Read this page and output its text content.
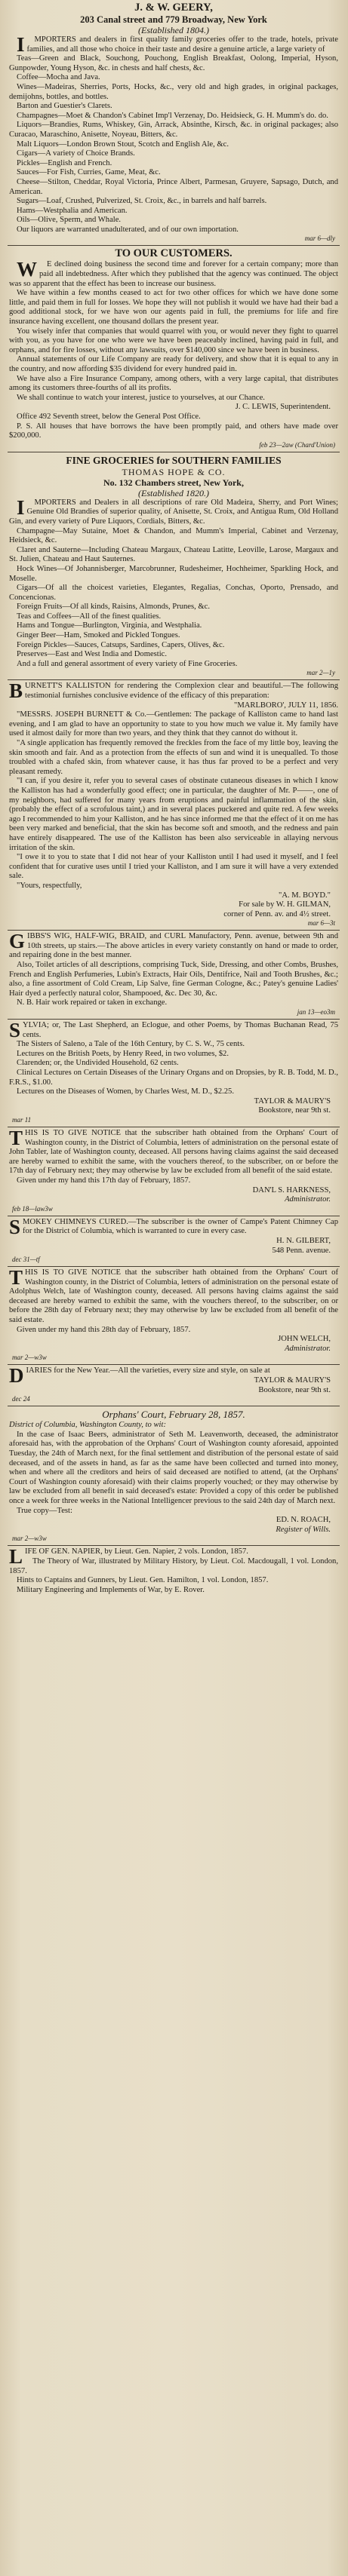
J. & W. GEERY,

203 Canal street and 779 Broadway, New York

(Established 1804.)

IMPORTERS and dealers in first quality family groceries offer to the trade, hotels, private families, and all those who choice in their taste and desire a genuine article, a large variety of

Teas—Green and Black, Souchong, Pouchong, English Breakfast, Oolong, Imperial, Hyson, Gunpowder, Young Hyson, &c. in chests and half chests, &c.

Coffee—Mocha and Java.

Wines—Madeiras, Sherries, Ports, Hocks, &c., very old and high grades, in original packages, demijohns, bottles, and bottles.

Barton and Guestier's Clarets.

Champagnes—Moet & Chandon's Cabinet Imp'l Verzenay, Do. Heidsieck, G. H. Mumm's do. do.

Liquors—Brandies, Rums, Whiskey, Gin, Arrack, Absinthe, Kirsch, &c. in original packages; also Curacao, Maraschino, Anisette, Noyeau, Bitters, &c.

Malt Liquors—London Brown Stout, Scotch and English Ale, &c.

Cigars—A variety of Choice Brands.

Pickles—English and French.

Sauces—For Fish, Curries, Game, Meat, &c.

Cheese—Stilton, Cheddar, Royal Victoria, Prince Albert, Parmesan, Gruyere, Sapsago, Dutch, and American.

Sugars—Loaf, Crushed, Pulverized, St. Croix, &c., in barrels and half barrels.

Hams—Westphalia and American.

Oils—Olive, Sperm, and Whale.

Our liquors are warranted unadulterated, and of our own importation.

mar 6—dly

TO OUR CUSTOMERS.

WE declined doing business the second time and forever for a certain company; more than paid all indebtedness. After which they published that the agency was continued. The object was so apparent that the effect has been to increase our business.

We have within a few months ceased to act for two other offices for which we have done some little, and paid them in full for losses. We hope they will not publish it would we have had their bad a good additional stock, for we have won our agents paid in full, the premiums for life and fire insurance having excellent, one thousand dollars the present year.

You wisely infer that companies that would quarrel with you, or would never they fight to quarrel with you, as you have for one who were we have been peaceably inclined, having paid in full, and orphans, and for fire losses, without any lawsuits, over $140,000 since we have been in business.

Annual statements of our Life Company are ready for delivery, and show that it is equal to any in the country, and now affording $35 dividend for every hundred paid in.

We have also a Fire Insurance Company, among others, with a very large capital, that distributes among its customers three-fourths of all its profits.

We shall continue to watch your interest, justice to yourselves, at our Chance.

J. C. LEWIS, Superintendent.

Office 492 Seventh street, below the General Post Office.

P. S. All houses that have borrows the have been promptly paid, and others have made over $200,000.

feb 23—2aw (Chard'Union)

FINE GROCERIES for SOUTHERN FAMILIES

THOMAS HOPE & CO.

No. 132 Chambers street, New York,

(Established 1820.)

IMPORTERS and Dealers in all descriptions of rare Old Madeira, Sherry, and Port Wines; Genuine Old Brandies of superior quality, of Anisette, St. Croix, and Antigua Rum, Old Holland Gin, and every variety of Pure Liquors, Cordials, Bitters, &c.

Champagne—May Sutaine, Moet & Chandon, and Mumm's Imperial, Cabinet and Verzenay, Heidsieck, &c.

Claret and Sauterne—Including Chateau Margaux, Chateau Latitte, Leoville, Larose, Margaux and St. Julien, Chateau and Haut Sauternes.

Hock Wines—Of Johannisberger, Marcobrunner, Rudesheimer, Hochheimer, Sparkling Hock, and Moselle.

Cigars—Of all the choicest varieties, Elegantes, Regalias, Conchas, Oporto, Prensado, and Concencionas.

Foreign Fruits—Of all kinds, Raisins, Almonds, Prunes, &c.

Teas and Coffees—All of the finest qualities.

Hams and Tongue—Burlington, Virginia, and Westphalia.

Ginger Beer—Ham, Smoked and Pickled Tongues.

Foreign Pickles—Sauces, Catsups, Sardines, Capers, Olives, &c.

Preserves—East and West India and Domestic.

And a full and general assortment of every variety of Fine Groceries.

mar 2—1y

BURNETT'S KALLISTON for rendering the Complexion clear and beautiful.—The following testimonial furnishes conclusive evidence of the efficacy of this preparation:

"MARLBORO', JULY 11, 1856.

"MESSRS. JOSEPH BURNETT & Co.—Gentlemen: The package of Kalliston came to hand last evening, and I am glad to have an opportunity to state to you how much we value it. My family have used it almost daily for more than two years, and they think that they cannot do without it.

"A single application has frequently removed the freckles from the face of my little boy, leaving the skin smooth and fair. And as a protection from the effects of sun and wind it is unequalled. To those troubled with a chafed skin, from whatever cause, it has thus far proved to be a perfect and very pleasant remedy.

"I can, if you desire it, refer you to several cases of obstinate cutaneous diseases in which I know the Kalliston has had a wonderfully good effect; one in particular, the daughter of Mr. P——, one of my neighbors, had suffered for many years from eruptions and painful inflammation of the skin, (probably the effect of a scrofulous taint,) and in several places puckered and quite red. A few weeks ago I recommended to him your Kalliston, and he has since informed me that the effect of it on me has been very marked and beneficial, that the skin has become soft and smooth, and the redness and pain have entirely disappeared. The use of the Kalliston has been also serviceable in allaying nervous irritation of the skin.

"I owe it to you to state that I did not hear of your Kalliston until I had used it myself, and I feel confident that for curative uses until I tried your Kalliston, and I am sure it will have a very extended sale.

"Yours, respectfully,

"A. M. BOYD."

For sale by W. H. GILMAN,

corner of Penn. av. and 4½ street.

mar 6—3t

GIBBS'S WIG, HALF-WIG, BRAID, and CURL Manufactory, Penn. avenue, between 9th and 10th streets, up stairs.—The above articles in every variety constantly on hand or made to order, and repairing done in the best manner.

Also, Toilet articles of all descriptions, comprising Tuck, Side, Dressing, and other Combs, Brushes, French and English Perfumeries, Lubin's Extracts, Hair Oils, Dentifrice, Nail and Tooth Brushes, &c.; also, a fine assortment of Cold Cream, Lip Salve, fine German Cologne, &c.; Patey's genuine Ladies' Hair dyed a perfectly natural color, Shampooed, &c. Dec 30, &c.

N. B. Hair work repaired or taken in exchange.

jan 13—eo3m

SYLVIA; or, The Last Shepherd, an Eclogue, and other Poems, by Thomas Buchanan Read, 75 cents.

The Sisters of Saleno, a Tale of the 16th Century, by C. S. W., 75 cents.

Lectures on the British Poets, by Henry Reed, in two volumes, $2.

Clarenden; or, the Undivided Household, 62 cents.

Clinical Lectures on Certain Diseases of the Urinary Organs and on Dropsies, by R. B. Todd, M. D., F.R.S., $1.00.

Lectures on the Diseases of Women, by Charles West, M. D., $2.25.

TAYLOR & MAURY'S

Bookstore, near 9th st.

mar 11

THIS IS TO GIVE NOTICE that the subscriber hath obtained from the Orphans' Court of Washington county, in the District of Columbia, letters of administration on the personal estate of John Tabler, late of Washington county, deceased. All persons having claims against the said deceased are hereby warned to exhibit the same, with the vouchers thereof, to the subscriber, on or before the 17th day of February next; they may otherwise by law be excluded from all benefit of the said estate.

Given under my hand this 17th day of February, 1857.

DAN'L S. HARKNESS,

Administrator.

feb 18—law3w

SMOKEY CHIMNEYS CURED.—The subscriber is the owner of Campe's Patent Chimney Cap for the District of Columbia, which is warranted to cure in every case.

H. N. GILBERT,

548 Penn. avenue.

dec 31—tf

THIS IS TO GIVE NOTICE that the subscriber hath obtained from the Orphans' Court of Washington county, in the District of Columbia, letters of administration on the personal estate of Adolphus Welch, late of Washington county, deceased. All persons having claims against the said deceased are hereby warned to exhibit the same, with the vouchers thereof, to the subscriber, on or before the 28th day of February next; they may otherwise by law be excluded from all benefit of the said estate.

Given under my hand this 28th day of February, 1857.

JOHN WELCH,

Administrator.

mar 2—w3w

DIARIES for the New Year.—All the varieties, every size and style, on sale at

TAYLOR & MAURY'S

Bookstore, near 9th st.

dec 24

Orphans' Court, February 28, 1857.

District of Columbia, Washington County, to wit:

In the case of Isaac Beers, administrator of Seth M. Leavenworth, deceased, the administrator aforesaid has, with the approbation of the Orphans' Court of Washington county aforesaid, appointed Tuesday, the 24th of March next, for the final settlement and distribution of the personal estate of said deceased, and of the assets in hand, as far as the same have been collected and turned into money, when and where all the creditors and heirs of said deceased are notified to attend, (at the Orphans' Court of Washington county aforesaid) with their claims properly vouched; or they may otherwise by law be excluded from all benefit in said deceased's estate: Provided a copy of this order be published once a week for three weeks in the National Intelligencer previous to the said 24th day of March next.

True copy—Test:

ED. N. ROACH,

Register of Wills.

mar 2—w3w

LIFE OF GEN. NAPIER, by Lieut. Gen. Napier, 2 vols. London, 1857.

The Theory of War, illustrated by Military History, by Lieut. Col. Macdougall, 1 vol. London, 1857.

Hints to Captains and Gunners, by Lieut. Gen. Hamilton, 1 vol. London, 1857.

Military Engineering and Implements of War, by E. Rover.
